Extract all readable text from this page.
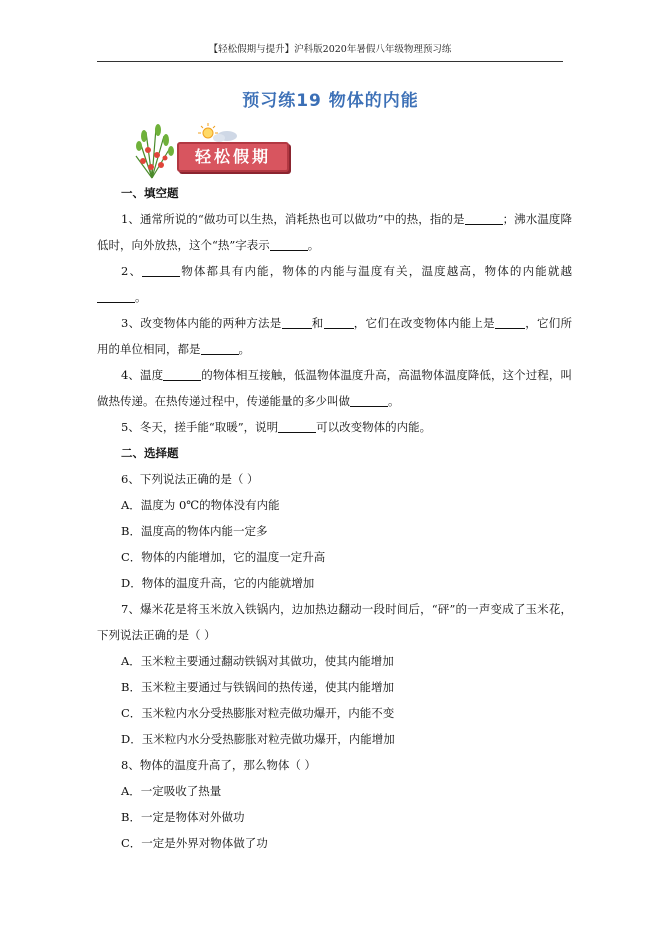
【轻松假期与提升】沪科版2020年暑假八年级物理预习练
预习练19 物体的内能
轻松假期
一、填空题
1、通常所说的“做功可以生热，消耗热也可以做功”中的热，指的是	；沸水温度降低时，向外放热，这个“热”字表示	。
2、	物体都具有内能，物体的内能与温度有关，温度越高，物体的内能就越。
3、改变物体内能的两种方法是	和	，它们在改变物体内能上是	，它们所用的单位相同，都是	。
4、温度	的物体相互接触，低温物体温度升高，高温物体温度降低，这个过程，叫做热传递。在热传递过程中，传递能量的多少叫做	。
5、冬天，搓手能“取暖”，说明	可以改变物体的内能。
二、选择题
6、下列说法正确的是（ ）
A．温度为 0℃的物体没有内能
B．温度高的物体内能一定多
C．物体的内能增加，它的温度一定升高
D．物体的温度升高，它的内能就增加
7、爆米花是将玉米放入铁锅内，边加热边翻动一段时间后，“砰”的一声变成了玉米花，下列说法正确的是（ ）
A．玉米粒主要通过翻动铁锅对其做功，使其内能增加
B．玉米粒主要通过与铁锅间的热传递，使其内能增加
C．玉米粒内水分受热膨胀对粒壳做功爆开，内能不变
D．玉米粒内水分受热膨胀对粒壳做功爆开，内能增加
8、物体的温度升高了，那么物体（ ）
A．一定吸收了热量
B．一定是物体对外做功
C．一定是外界对物体做了功
